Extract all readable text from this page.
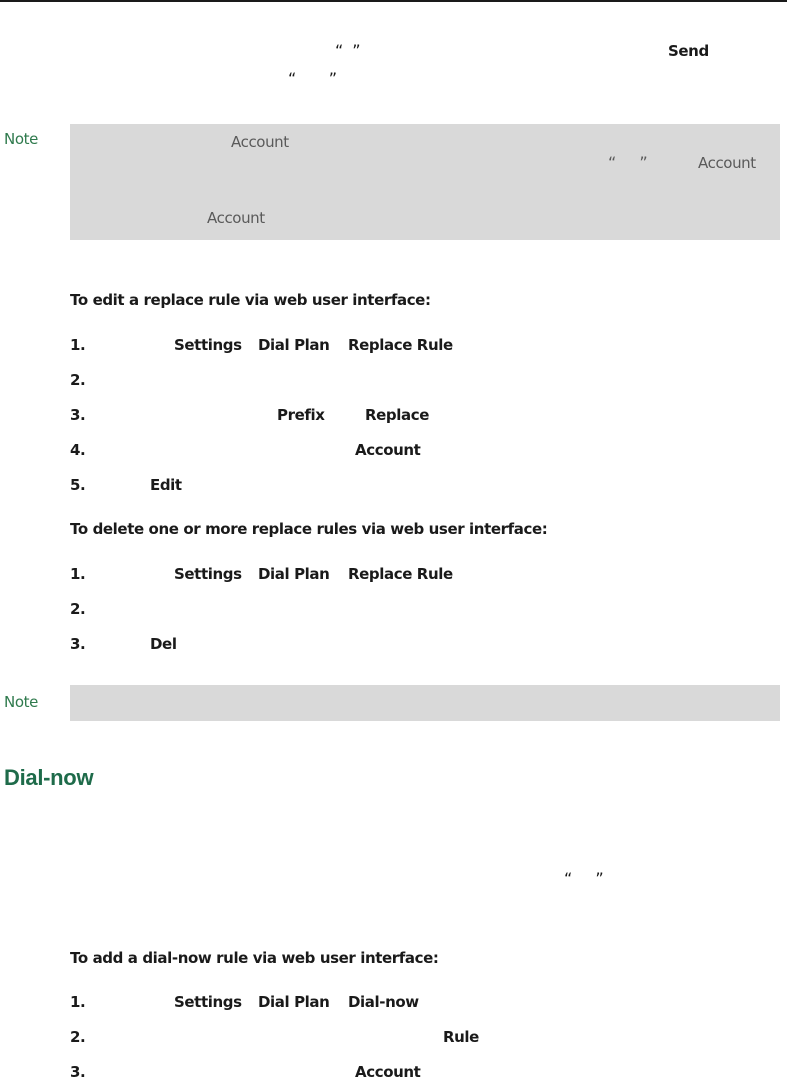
“  ”	Send
“       ”
Note	Account
“     ”	Account
Account
To edit a replace rule via web user interface:
1.	Settings Dial Plan Replace Rule
2.
3.	Prefix	Replace
4.	Account
5.	Edit
To delete one or more replace rules via web user interface:
1.	Settings Dial Plan Replace Rule
2.
3.	Del
Note
Dial-now
“     ”
To add a dial-now rule via web user interface:
1.	Settings Dial Plan Dial-now
2.	Rule
3.	Account
